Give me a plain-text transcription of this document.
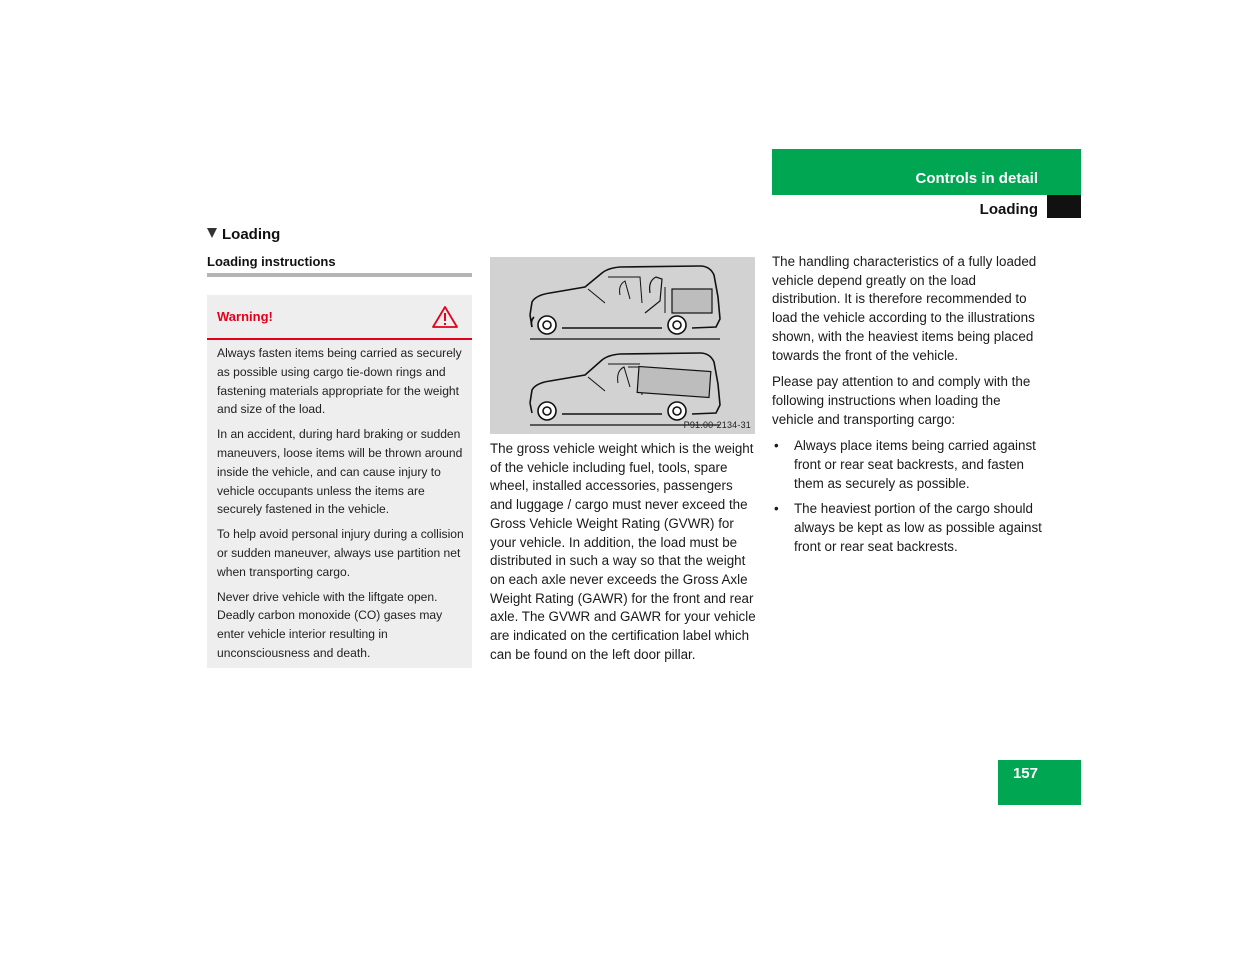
Controls in detail
Loading
Loading
Loading instructions
Warning!

Always fasten items being carried as securely as possible using cargo tie-down rings and fastening materials appropriate for the weight and size of the load.

In an accident, during hard braking or sudden maneuvers, loose items will be thrown around inside the vehicle, and can cause injury to vehicle occupants unless the items are securely fastened in the vehicle.

To help avoid personal injury during a collision or sudden maneuver, always use partition net when transporting cargo.

Never drive vehicle with the liftgate open. Deadly carbon monoxide (CO) gases may enter vehicle interior resulting in unconsciousness and death.

P91.00-2134-31
The gross vehicle weight which is the weight of the vehicle including fuel, tools, spare wheel, installed accessories, passengers and luggage / cargo must never exceed the Gross Vehicle Weight Rating (GVWR) for your vehicle. In addition, the load must be distributed in such a way so that the weight on each axle never exceeds the Gross Axle Weight Rating (GAWR) for the front and rear axle. The GVWR and GAWR for your vehicle are indicated on the certification label which can be found on the left door pillar.

The handling characteristics of a fully loaded vehicle depend greatly on the load distribution. It is therefore recommended to load the vehicle according to the illustrations shown, with the heaviest items being placed towards the front of the vehicle.

Please pay attention to and comply with the following instructions when loading the vehicle and transporting cargo:

• Always place items being carried against front or rear seat backrests, and fasten them as securely as possible.
• The heaviest portion of the cargo should always be kept as low as possible against front or rear seat backrests.
157
